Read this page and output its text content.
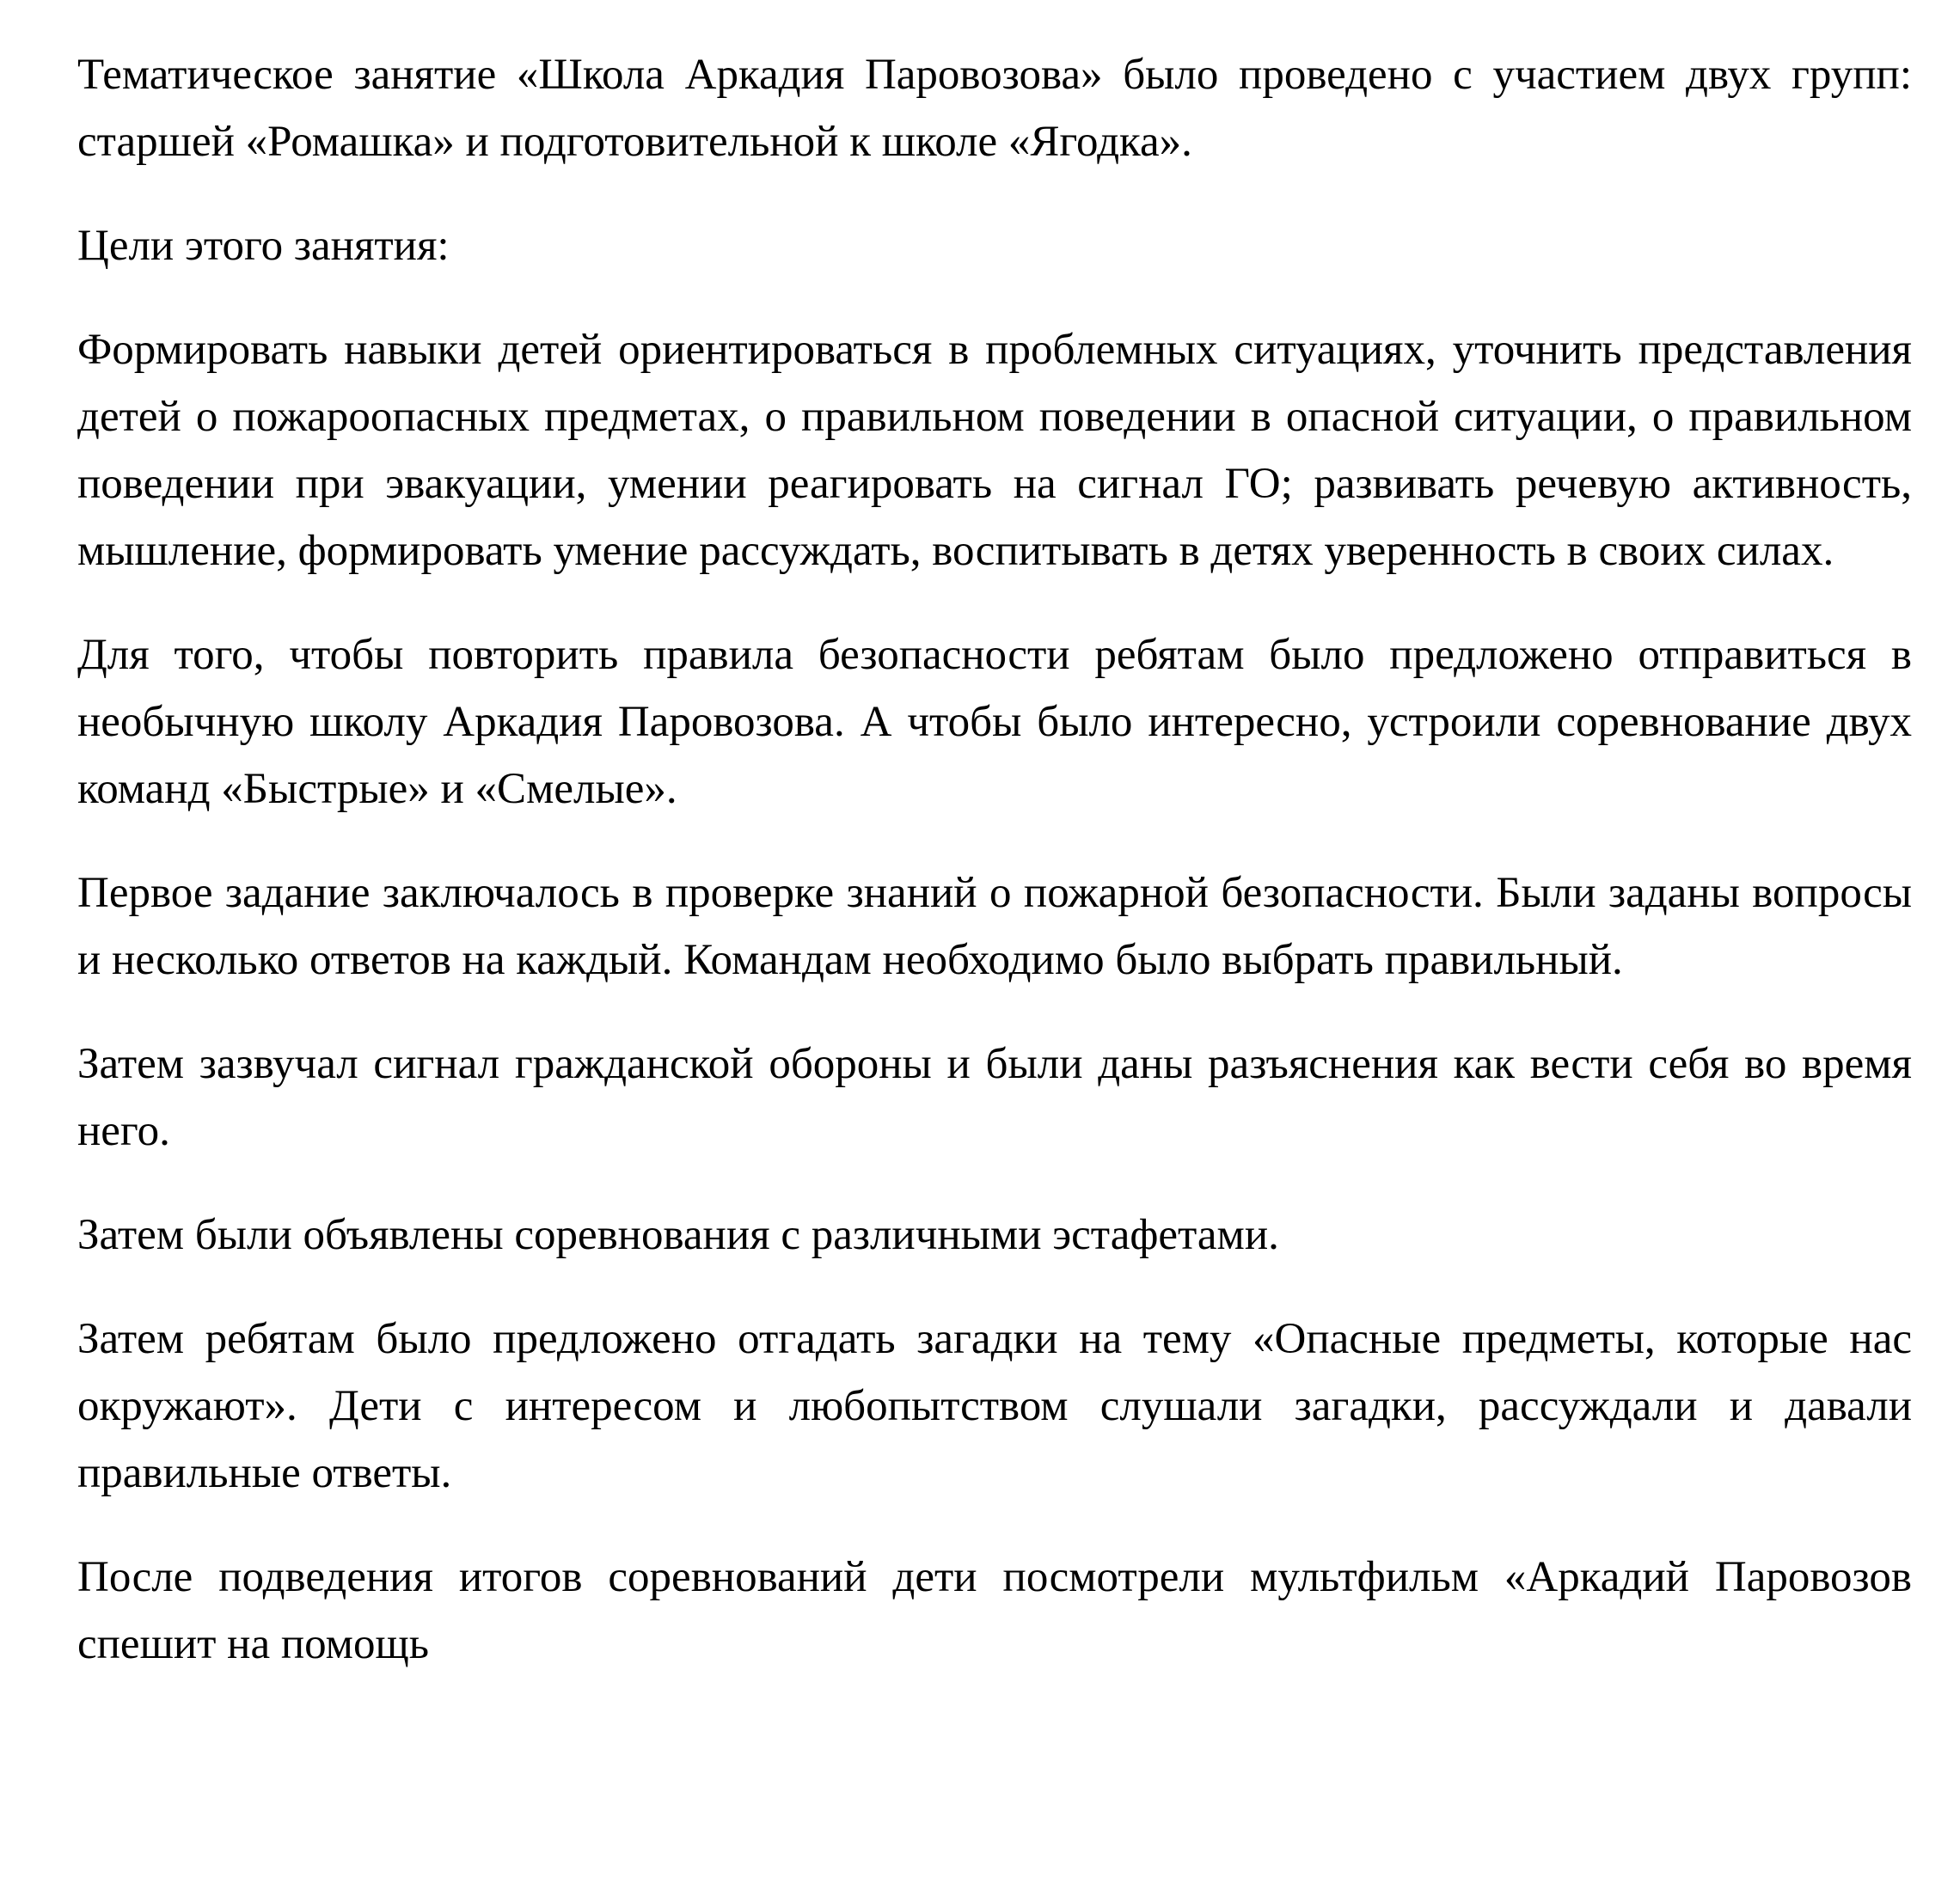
Тематическое занятие «Школа Аркадия Паровозова» было проведено с участием двух групп: старшей «Ромашка» и подготовительной к школе «Ягодка».

Цели этого занятия:

Формировать навыки детей ориентироваться в проблемных ситуациях, уточнить представления детей о пожароопасных предметах, о правильном поведении в опасной ситуации, о правильном поведении при эвакуации, умении реагировать на сигнал ГО; развивать речевую активность, мышление, формировать умение рассуждать, воспитывать в детях уверенность в своих силах.

Для того, чтобы повторить правила безопасности ребятам было предложено отправиться в необычную школу Аркадия Паровозова. А чтобы было интересно, устроили соревнование двух команд «Быстрые» и «Смелые».

Первое задание заключалось в проверке знаний о пожарной безопасности. Были заданы вопросы и несколько ответов на каждый. Командам необходимо было выбрать правильный.

Затем зазвучал сигнал гражданской обороны и были даны разъяснения как вести себя во время него.

Затем были объявлены соревнования с различными эстафетами.

Затем ребятам было предложено отгадать загадки на тему «Опасные предметы, которые нас окружают». Дети с интересом и любопытством слушали загадки, рассуждали и давали правильные ответы.

После подведения итогов соревнований дети посмотрели мультфильм «Аркадий Паровозов спешит на помощь
